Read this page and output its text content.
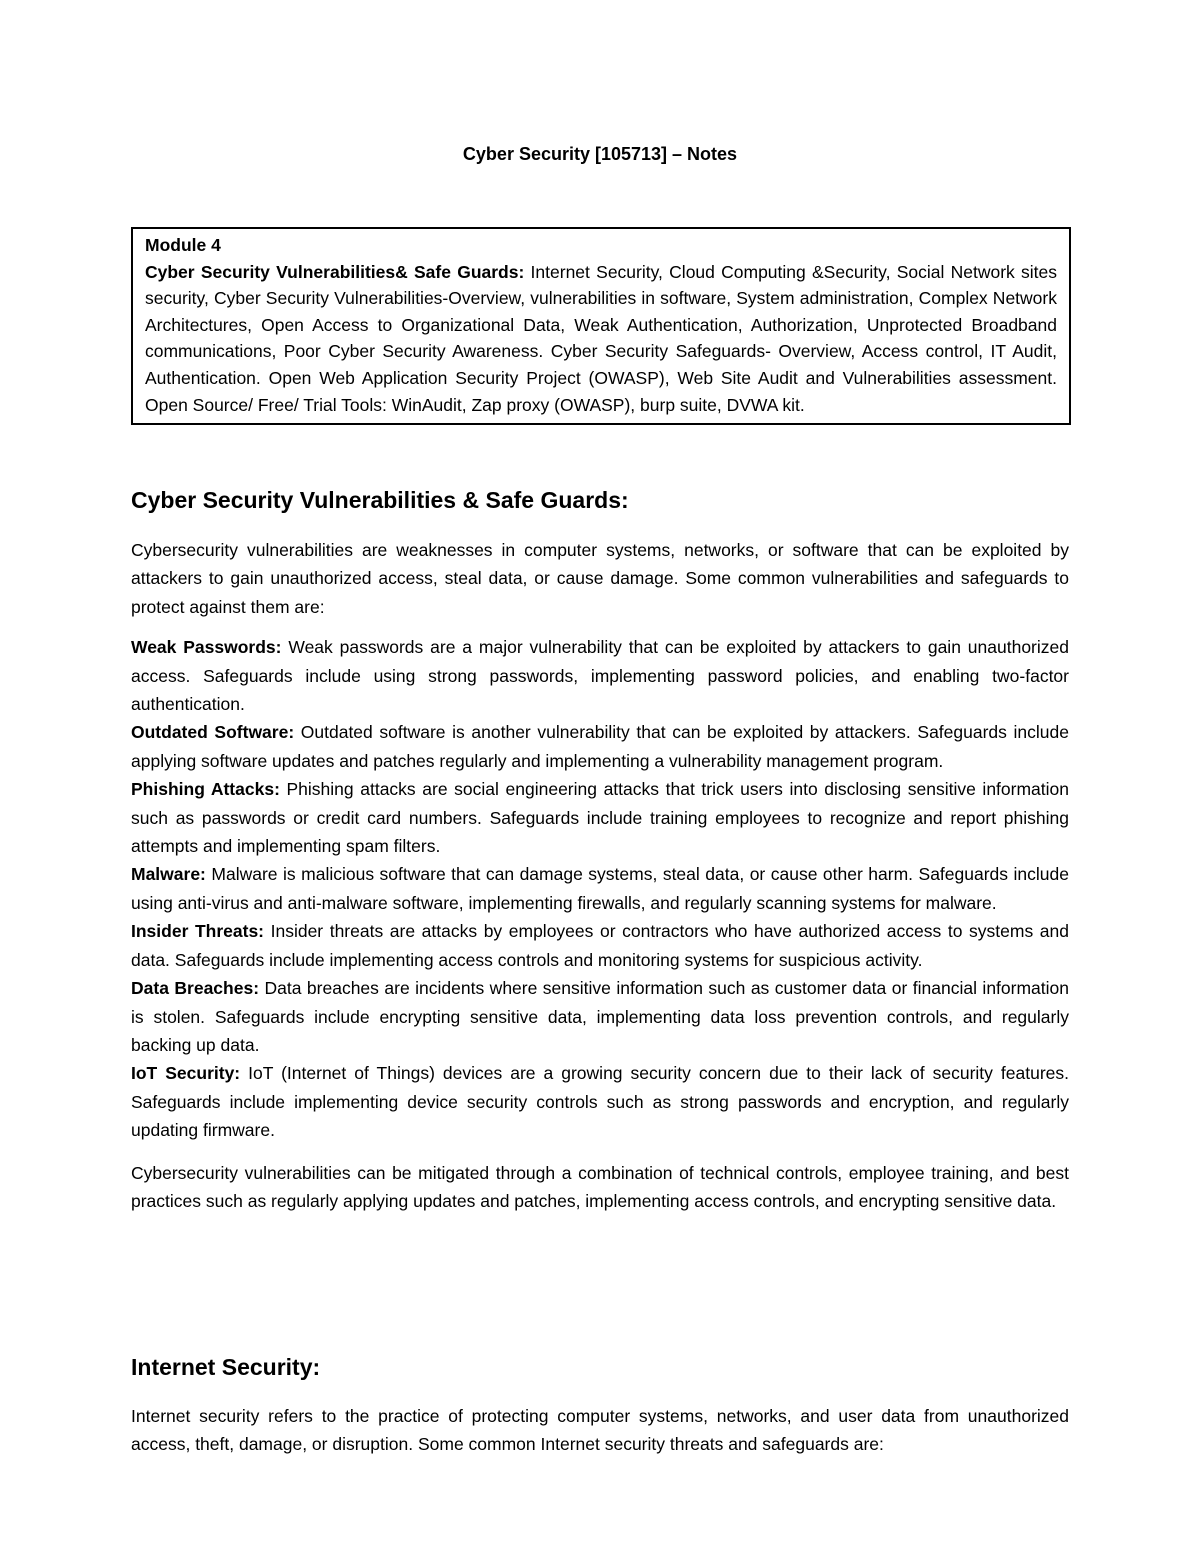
Cyber Security [105713] – Notes
Module 4
Cyber Security Vulnerabilities& Safe Guards: Internet Security, Cloud Computing &Security, Social Network sites security, Cyber Security Vulnerabilities-Overview, vulnerabilities in software, System administration, Complex Network Architectures, Open Access to Organizational Data, Weak Authentication, Authorization, Unprotected Broadband communications, Poor Cyber Security Awareness. Cyber Security Safeguards- Overview, Access control, IT Audit, Authentication. Open Web Application Security Project (OWASP), Web Site Audit and Vulnerabilities assessment. Open Source/ Free/ Trial Tools: WinAudit, Zap proxy (OWASP), burp suite, DVWA kit.
Cyber Security Vulnerabilities & Safe Guards:

Cybersecurity vulnerabilities are weaknesses in computer systems, networks, or software that can be exploited by attackers to gain unauthorized access, steal data, or cause damage. Some common vulnerabilities and safeguards to protect against them are:

Weak Passwords: Weak passwords are a major vulnerability that can be exploited by attackers to gain unauthorized access. Safeguards include using strong passwords, implementing password policies, and enabling two-factor authentication.
Outdated Software: Outdated software is another vulnerability that can be exploited by attackers. Safeguards include applying software updates and patches regularly and implementing a vulnerability management program.
Phishing Attacks: Phishing attacks are social engineering attacks that trick users into disclosing sensitive information such as passwords or credit card numbers. Safeguards include training employees to recognize and report phishing attempts and implementing spam filters.
Malware: Malware is malicious software that can damage systems, steal data, or cause other harm. Safeguards include using anti-virus and anti-malware software, implementing firewalls, and regularly scanning systems for malware.
Insider Threats: Insider threats are attacks by employees or contractors who have authorized access to systems and data. Safeguards include implementing access controls and monitoring systems for suspicious activity.
Data Breaches: Data breaches are incidents where sensitive information such as customer data or financial information is stolen. Safeguards include encrypting sensitive data, implementing data loss prevention controls, and regularly backing up data.
IoT Security: IoT (Internet of Things) devices are a growing security concern due to their lack of security features. Safeguards include implementing device security controls such as strong passwords and encryption, and regularly updating firmware.

Cybersecurity vulnerabilities can be mitigated through a combination of technical controls, employee training, and best practices such as regularly applying updates and patches, implementing access controls, and encrypting sensitive data.

Internet Security:

Internet security refers to the practice of protecting computer systems, networks, and user data from unauthorized access, theft, damage, or disruption. Some common Internet security threats and safeguards are:
